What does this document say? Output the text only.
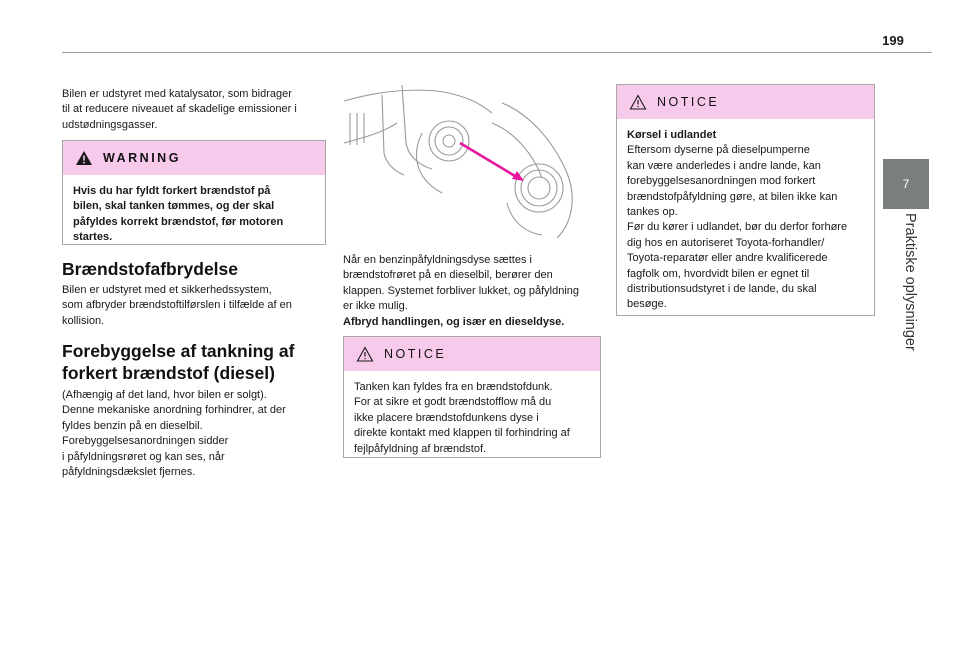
199
7
Praktiske oplysninger

Bilen er udstyret med katalysator, som bidrager

til at reducere niveauet af skadelige emissioner i

udstødningsgasser.

WARNING

Hvis du har fyldt forkert brændstof på

bilen, skal tanken tømmes, og der skal

påfyldes korrekt brændstof, før motoren

startes.

Brændstofafbrydelse

Bilen er udstyret med et sikkerhedssystem,

som afbryder brændstoftilførslen i tilfælde af en

kollision.

Forebyggelse af tankning af
forkert brændstof (diesel)

(Afhængig af det land, hvor bilen er solgt).

Denne mekaniske anordning forhindrer, at der

fyldes benzin på en dieselbil.

Forebyggelsesanordningen sidder

i påfyldningsrøret og kan ses, når

påfyldningsdækslet fjernes.

Når en benzinpåfyldningsdyse sættes i

brændstofrøret på en dieselbil, berører den

klappen. Systemet forbliver lukket, og påfyldning

er ikke mulig.

Afbryd handlingen, og især en dieseldyse.

NOTICE

Tanken kan fyldes fra en brændstofdunk.

For at sikre et godt brændstofflow må du

ikke placere brændstofdunkens dyse i

direkte kontakt med klappen til forhindring af

fejlpåfyldning af brændstof.

NOTICE

Kørsel i udlandet

Eftersom dyserne på dieselpumperne

kan være anderledes i andre lande, kan

forebyggelsesanordningen mod forkert

brændstofpåfyldning gøre, at bilen ikke kan

tankes op.

Før du kører i udlandet, bør du derfor forhøre

dig hos en autoriseret Toyota-forhandler/

Toyota-reparatør eller andre kvalificerede

fagfolk om, hvordvidt bilen er egnet til

distributionsudstyret i de lande, du skal

besøge.
